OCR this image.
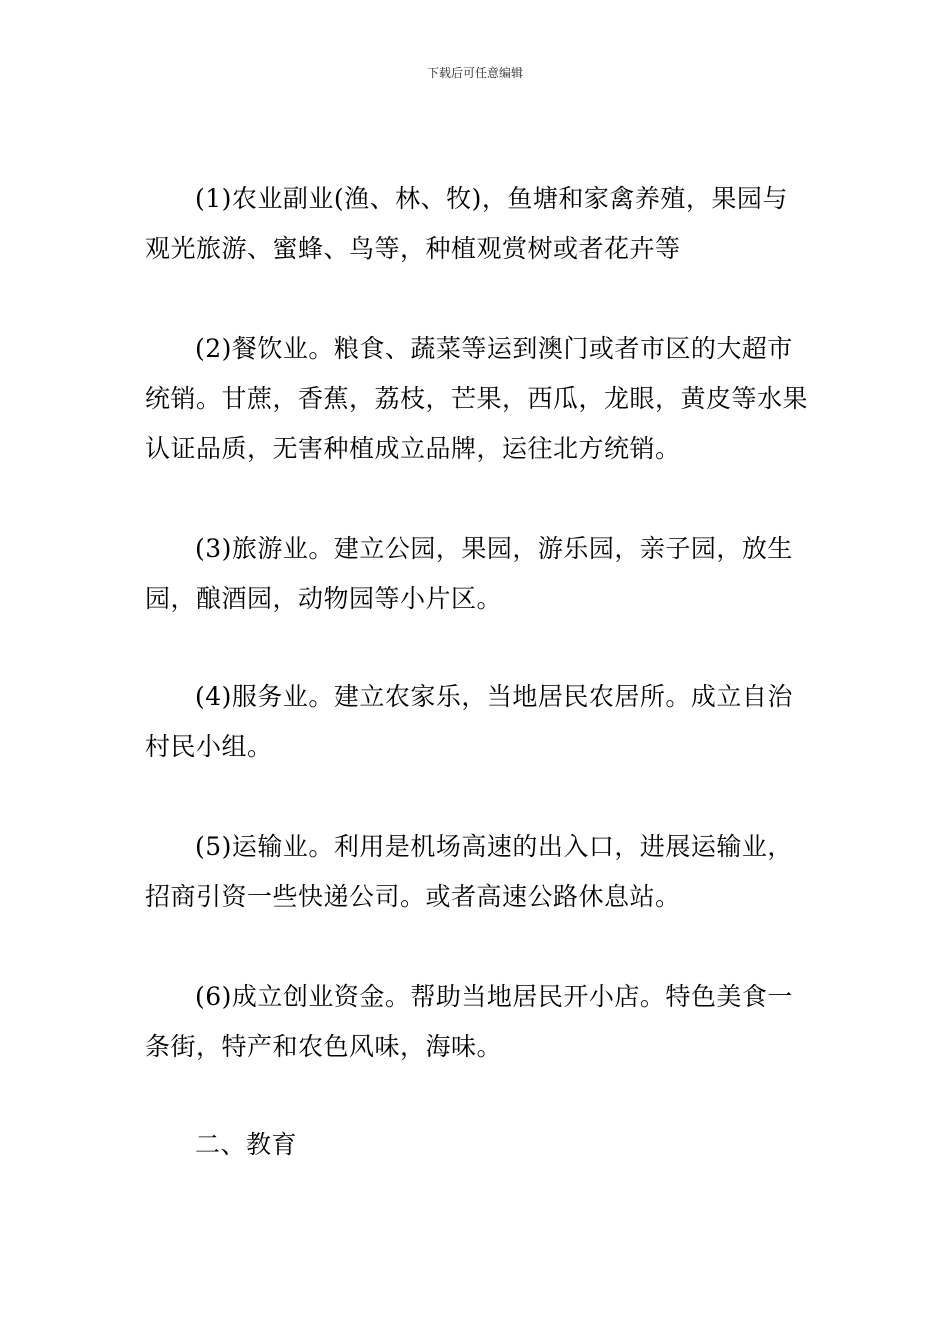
下载后可任意编辑

(1)农业副业(渔、林、牧)，鱼塘和家禽养殖，果园与观光旅游、蜜蜂、鸟等，种植观赏树或者花卉等

(2)餐饮业。粮食、蔬菜等运到澳门或者市区的大超市统销。甘蔗，香蕉，荔枝，芒果，西瓜，龙眼，黄皮等水果认证品质，无害种植成立品牌，运往北方统销。

(3)旅游业。建立公园，果园，游乐园，亲子园，放生园，酿酒园，动物园等小片区。

(4)服务业。建立农家乐，当地居民农居所。成立自治村民小组。

(5)运输业。利用是机场高速的出入口，进展运输业，招商引资一些快递公司。或者高速公路休息站。

(6)成立创业资金。帮助当地居民开小店。特色美食一条街，特产和农色风味，海味。

二、教育
